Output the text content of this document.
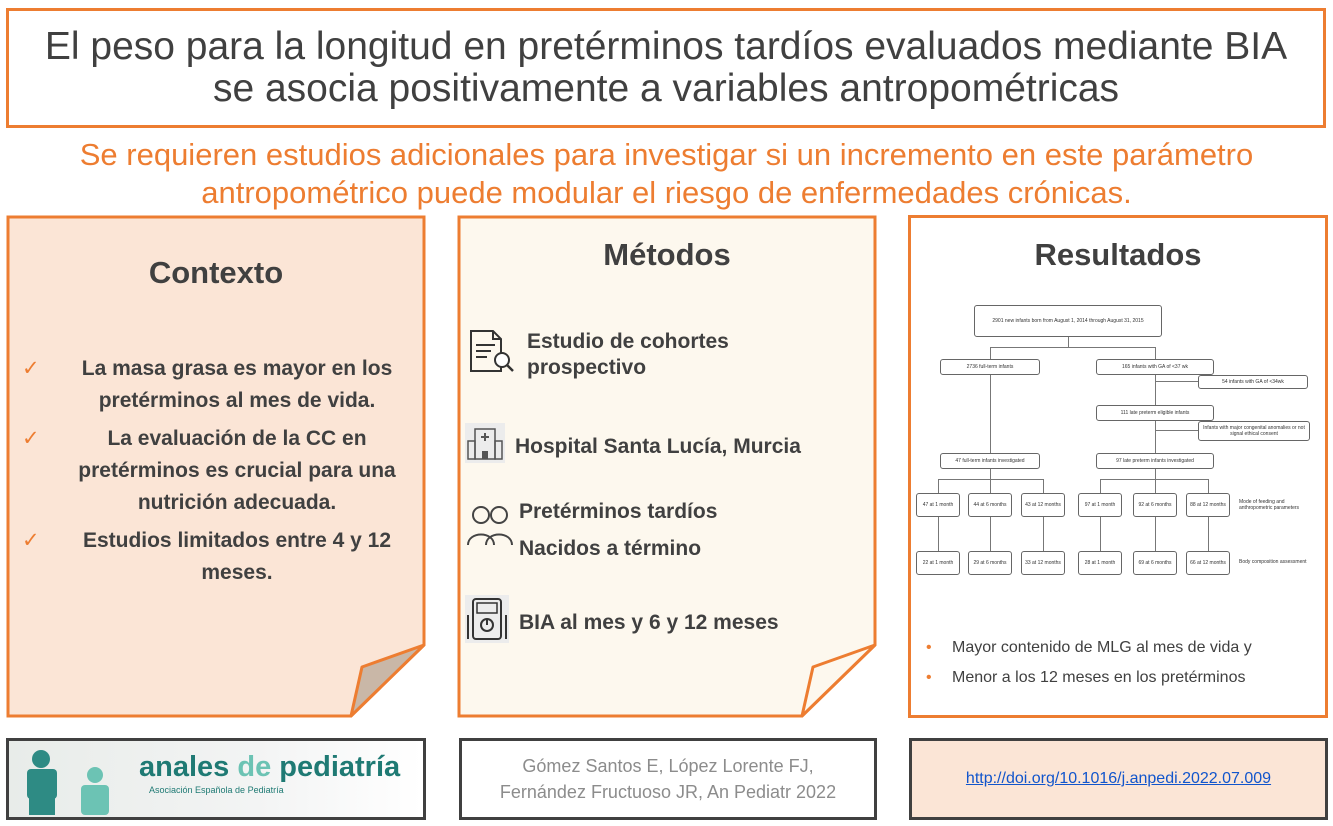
El peso para la longitud en pretérminos tardíos evaluados mediante BIA
se asocia positivamente a variables antropométricas
Se requieren estudios adicionales para investigar si un incremento en este parámetro
antropométrico puede modular el riesgo de enfermedades crónicas.
Contexto
✓ La masa grasa es mayor en los pretérminos al mes de vida.
✓	La evaluación de la CC en pretérminos es crucial para una nutrición adecuada.
✓ Estudios limitados entre 4 y 12 meses.
Métodos
Estudio de cohortes prospectivo
Hospital Santa Lucía, Murcia
Pretérminos tardíos
Nacidos a término
BIA al mes y 6 y 12 meses
Resultados
2901 new infants born from August 1, 2014 through August 31, 2015
2736 full-term infants	165 infants with GA of <37 wk
54 infants with GA of <34wk
111 late preterm eligible infants
Infants with major congenital anomalies or not signal ethical consent
47 full-term infants investigated	97 late preterm infants investigated
47 at 1 month	44 at 6 months	43 at 12 months	97 at 1 month	92 at 6 months	88 at 12 months	Mode of feeding and anthropometric parameters
22 at 1 month	29 at 6 months	33 at 12 months	28 at 1 month	69 at 6 months	66 at 12 months	Body composition assessment
• Mayor contenido de MLG al mes de vida y
• Menor a los 12 meses en los pretérminos
anales de pediatría
Asociación Española de Pediatría
Gómez Santos E, López Lorente FJ,
Fernández Fructuoso JR, An Pediatr 2022
http://doi.org/10.1016/j.anpedi.2022.07.009
